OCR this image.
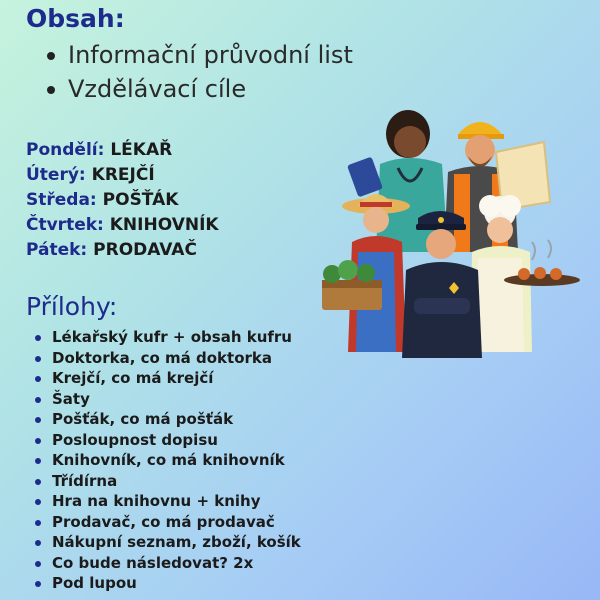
Obsah:
Informační průvodní list
Vzdělávací cíle
Pondělí: LÉKAŘ
Úterý: KREJČÍ
Středa: POŠŤÁK
Čtvrtek: KNIHOVNÍK
Pátek: PRODAVAČ
Přílohy:
Lékařský kufr + obsah kufru
Doktorka, co má doktorka
Krejčí, co má krejčí
Šaty
Pošťák, co má pošťák
Posloupnost dopisu
Knihovník, co má knihovník
Třídírna
Hra na knihovnu + knihy
Prodavač, co má prodavač
Nákupní seznam, zboží, košík
Co bude následovat? 2x
Pod lupou
